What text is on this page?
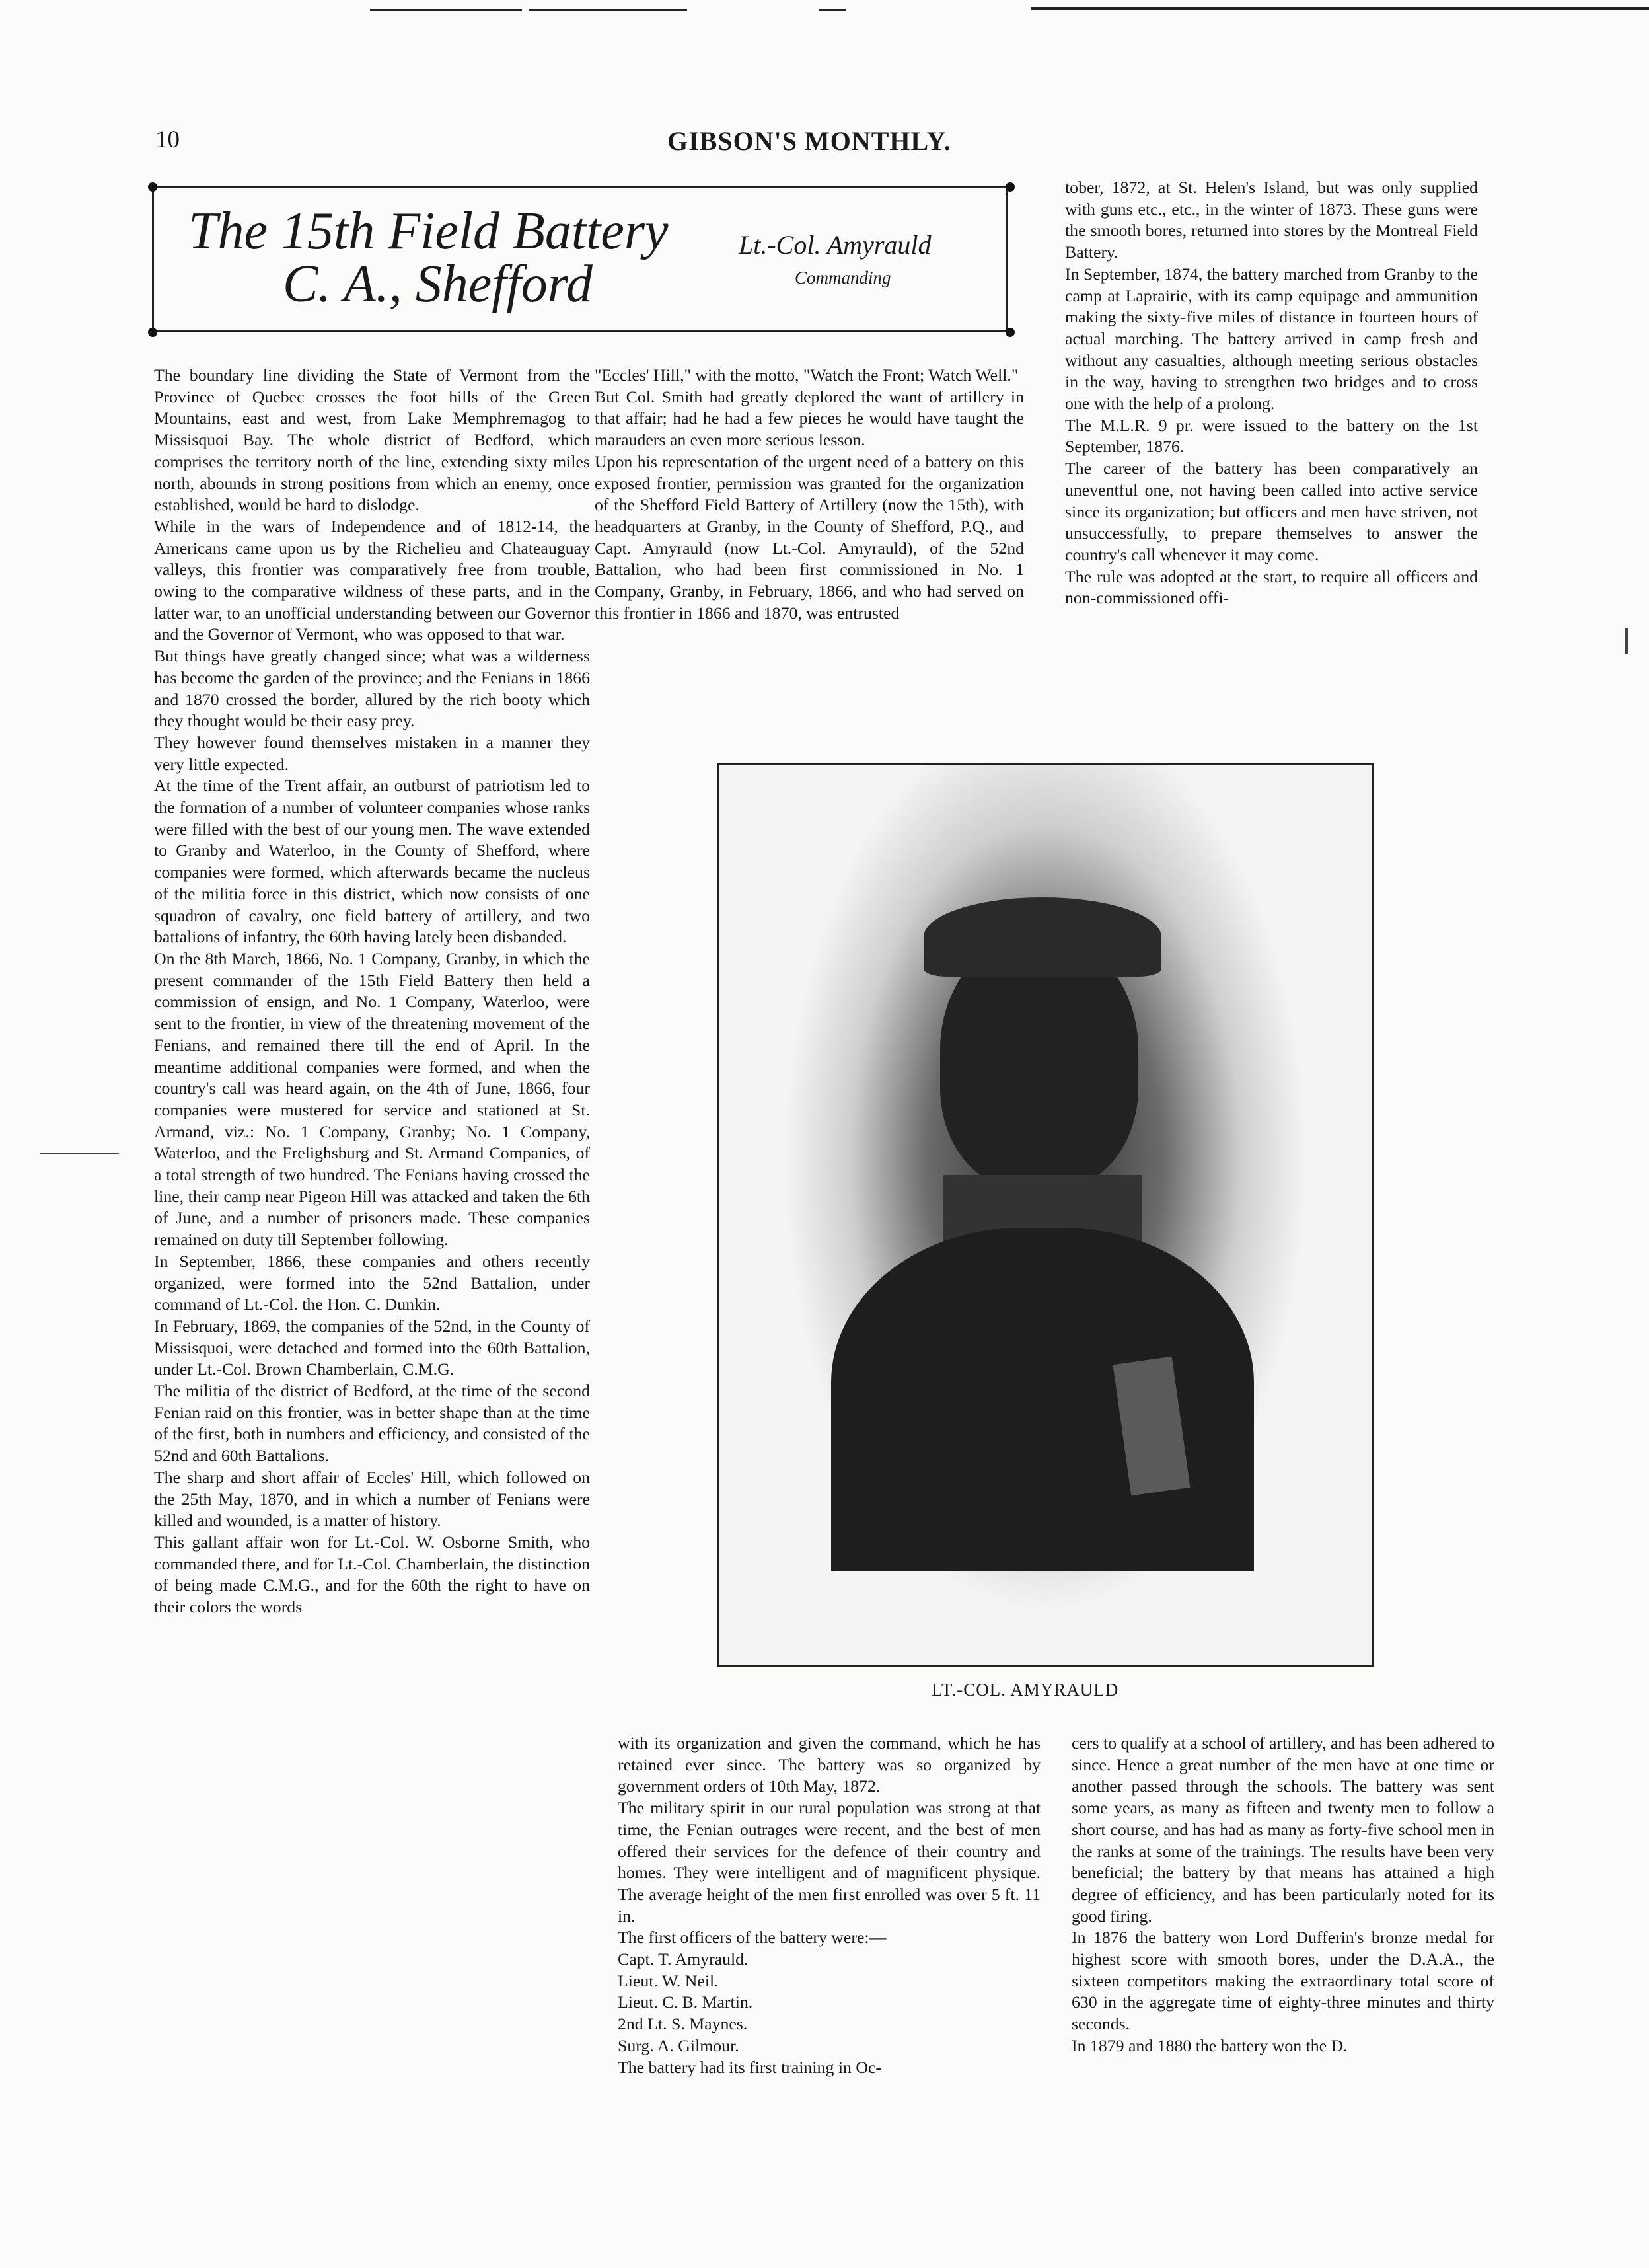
10	GIBSON'S MONTHLY.
The 15th Field Battery
C. A., Shefford
Lt.-Col. Amyrauld
Commanding
The boundary line dividing the State of Vermont from the Province of Quebec crosses the foot hills of the Green Mountains, east and west, from Lake Memphremagog to Missisquoi Bay. The whole district of Bedford, which comprises the territory north of the line, extending sixty miles north, abounds in strong positions from which an enemy, once established, would be hard to dislodge.
While in the wars of Independence and of 1812-14, the Americans came upon us by the Richelieu and Chateauguay valleys, this frontier was comparatively free from trouble, owing to the comparative wildness of these parts, and in the latter war, to an unofficial understanding between our Governor and the Governor of Vermont, who was opposed to that war.
But things have greatly changed since; what was a wilderness has become the garden of the province; and the Fenians in 1866 and 1870 crossed the border, allured by the rich booty which they thought would be their easy prey.
They however found themselves mistaken in a manner they very little expected.
At the time of the Trent affair, an outburst of patriotism led to the formation of a number of volunteer companies whose ranks were filled with the best of our young men. The wave extended to Granby and Waterloo, in the County of Shefford, where companies were formed, which afterwards became the nucleus of the militia force in this district, which now consists of one squadron of cavalry, one field battery of artillery, and two battalions of infantry, the 60th having lately been disbanded.
On the 8th March, 1866, No. 1 Company, Granby, in which the present commander of the 15th Field Battery then held a commission of ensign, and No. 1 Company, Waterloo, were sent to the frontier, in view of the threatening movement of the Fenians, and remained there till the end of April. In the meantime additional companies were formed, and when the country's call was heard again, on the 4th of June, 1866, four companies were mustered for service and stationed at St. Armand, viz.: No. 1 Company, Granby; No. 1 Company, Waterloo, and the Frelighsburg and St. Armand Companies, of a total strength of two hundred. The Fenians having crossed the line, their camp near Pigeon Hill was attacked and taken the 6th of June, and a number of prisoners made. These companies remained on duty till September following.
In September, 1866, these companies and others recently organized, were formed into the 52nd Battalion, under command of Lt.-Col. the Hon. C. Dunkin.
In February, 1869, the companies of the 52nd, in the County of Missisquoi, were detached and formed into the 60th Battalion, under Lt.-Col. Brown Chamberlain, C.M.G.
The militia of the district of Bedford, at the time of the second Fenian raid on this frontier, was in better shape than at the time of the first, both in numbers and efficiency, and consisted of the 52nd and 60th Battalions.
The sharp and short affair of Eccles' Hill, which followed on the 25th May, 1870, and in which a number of Fenians were killed and wounded, is a matter of history.
This gallant affair won for Lt.-Col. W. Osborne Smith, who commanded there, and for Lt.-Col. Chamberlain, the distinction of being made C.M.G., and for the 60th the right to have on their colors the words
"Eccles' Hill," with the motto, "Watch the Front; Watch Well."
But Col. Smith had greatly deplored the want of artillery in that affair; had he had a few pieces he would have taught the marauders an even more serious lesson.
Upon his representation of the urgent need of a battery on this exposed frontier, permission was granted for the organization of the Shefford Field Battery of Artillery (now the 15th), with headquarters at Granby, in the County of Shefford, P.Q., and Capt. Amyrauld (now Lt.-Col. Amyrauld), of the 52nd Battalion, who had been first commissioned in No. 1 Company, Granby, in February, 1866, and who had served on this frontier in 1866 and 1870, was entrusted
tober, 1872, at St. Helen's Island, but was only supplied with guns etc., etc., in the winter of 1873. These guns were the smooth bores, returned into stores by the Montreal Field Battery.
In September, 1874, the battery marched from Granby to the camp at Laprairie, with its camp equipage and ammunition making the sixty-five miles of distance in fourteen hours of actual marching. The battery arrived in camp fresh and without any casualties, although meeting serious obstacles in the way, having to strengthen two bridges and to cross one with the help of a prolong.
The M.L.R. 9 pr. were issued to the battery on the 1st September, 1876.
The career of the battery has been comparatively an uneventful one, not having been called into active service since its organization; but officers and men have striven, not unsuccessfully, to prepare themselves to answer the country's call whenever it may come.
The rule was adopted at the start, to require all officers and non-commissioned offi-
with its organization and given the command, which he has retained ever since. The battery was so organized by government orders of 10th May, 1872.
The military spirit in our rural population was strong at that time, the Fenian outrages were recent, and the best of men offered their services for the defence of their country and homes. They were intelligent and of magnificent physique. The average height of the men first enrolled was over 5 ft. 11 in.
The first officers of the battery were:—
Capt. T. Amyrauld.
Lieut. W. Neil.
Lieut. C. B. Martin.
2nd Lt. S. Maynes.
Surg. A. Gilmour.
The battery had its first training in Oc-
cers to qualify at a school of artillery, and has been adhered to since. Hence a great number of the men have at one time or another passed through the schools. The battery was sent some years, as many as fifteen and twenty men to follow a short course, and has had as many as forty-five school men in the ranks at some of the trainings. The results have been very beneficial; the battery by that means has attained a high degree of efficiency, and has been particularly noted for its good firing.
In 1876 the battery won Lord Dufferin's bronze medal for highest score with smooth bores, under the D.A.A., the sixteen competitors making the extraordinary total score of 630 in the aggregate time of eighty-three minutes and thirty seconds.
In 1879 and 1880 the battery won the D.
LT.-COL. AMYRAULD
